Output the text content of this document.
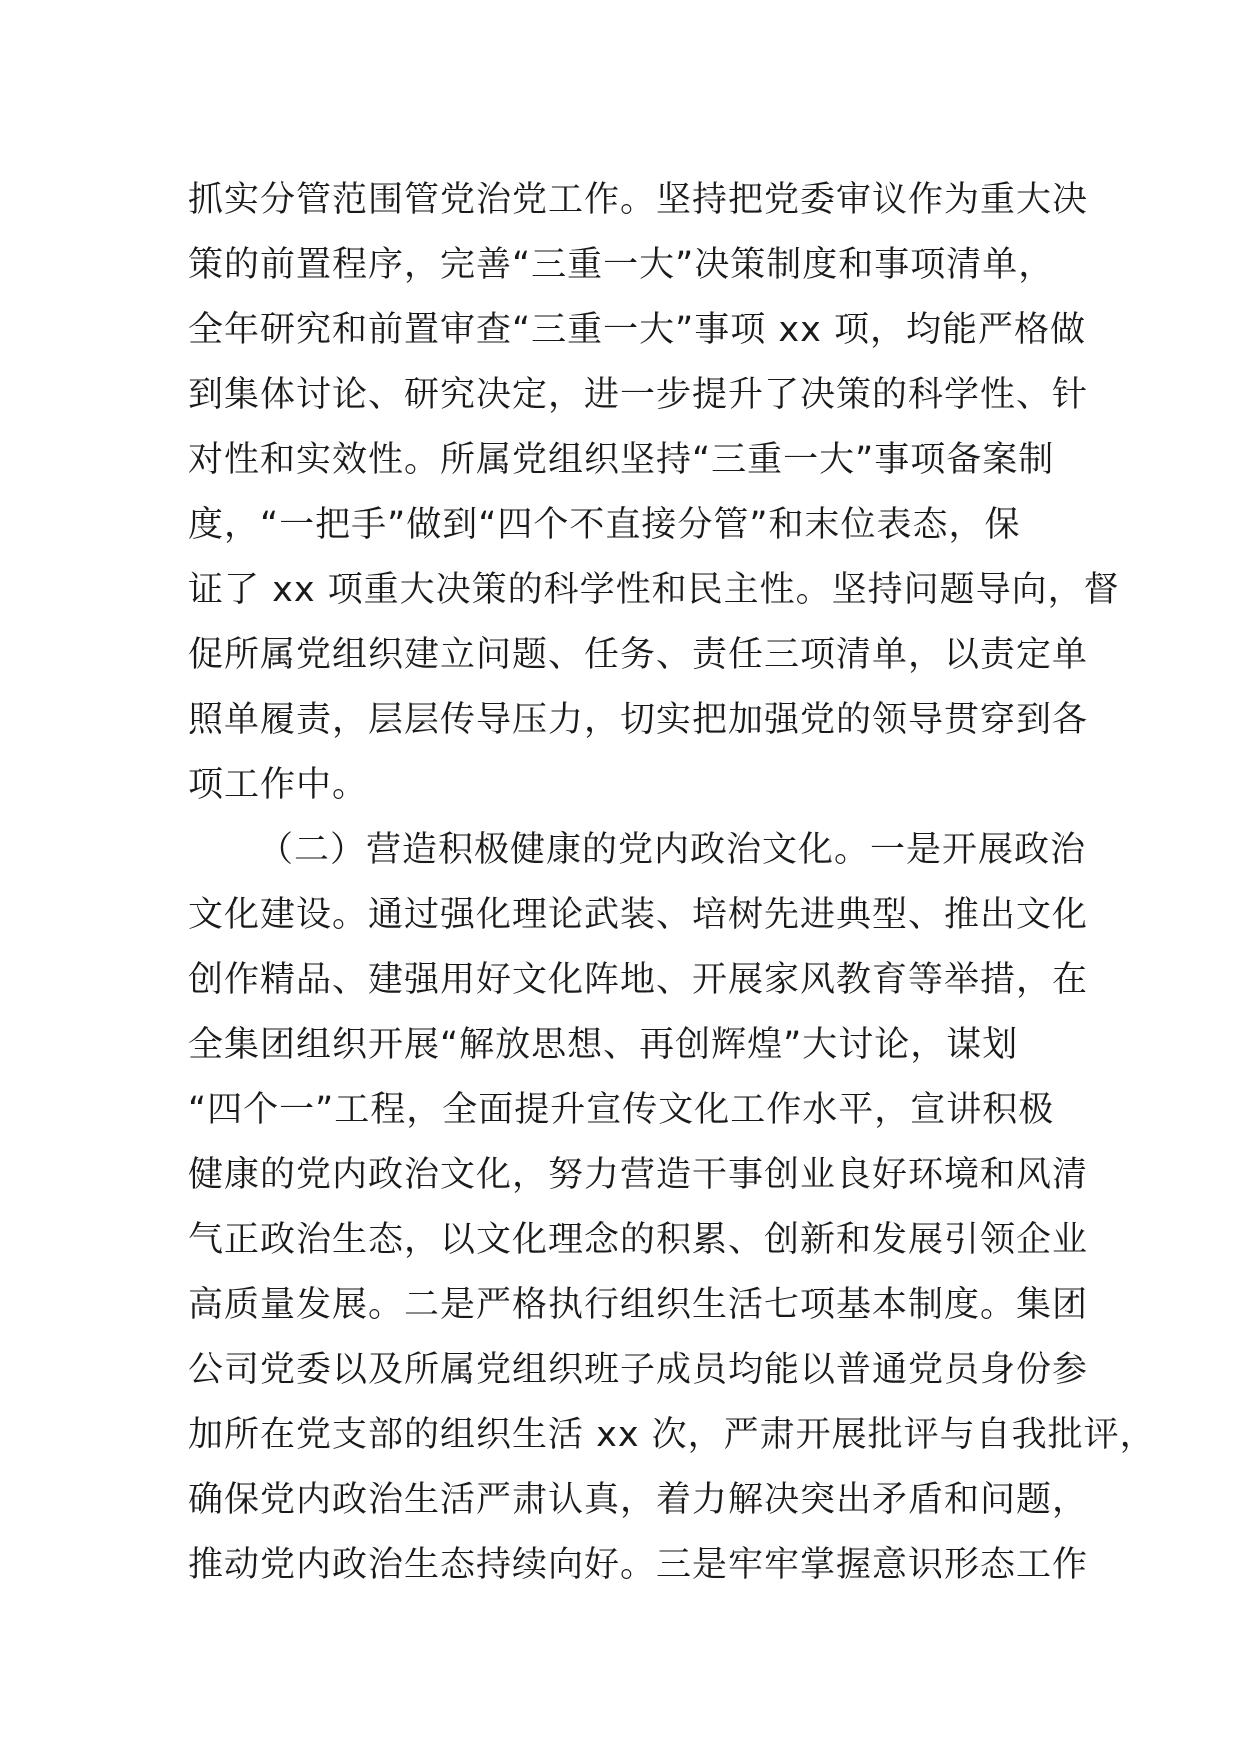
抓实分管范围管党治党工作。坚持把党委审议作为重大决
策的前置程序，完善“三重一大”决策制度和事项清单，
全年研究和前置审查“三重一大”事项 xx 项，均能严格做
到集体讨论、研究决定，进一步提升了决策的科学性、针
对性和实效性。所属党组织坚持“三重一大”事项备案制
度，“一把手”做到“四个不直接分管”和末位表态，保
证了 xx 项重大决策的科学性和民主性。坚持问题导向，督
促所属党组织建立问题、任务、责任三项清单，以责定单
照单履责，层层传导压力，切实把加强党的领导贯穿到各
项工作中。
（二）营造积极健康的党内政治文化。一是开展政治
文化建设。通过强化理论武装、培树先进典型、推出文化
创作精品、建强用好文化阵地、开展家风教育等举措，在
全集团组织开展“解放思想、再创辉煌”大讨论，谋划
“四个一”工程，全面提升宣传文化工作水平，宣讲积极
健康的党内政治文化，努力营造干事创业良好环境和风清
气正政治生态，以文化理念的积累、创新和发展引领企业
高质量发展。二是严格执行组织生活七项基本制度。集团
公司党委以及所属党组织班子成员均能以普通党员身份参
加所在党支部的组织生活 xx 次，严肃开展批评与自我批评，
确保党内政治生活严肃认真，着力解决突出矛盾和问题，
推动党内政治生态持续向好。三是牢牢掌握意识形态工作
